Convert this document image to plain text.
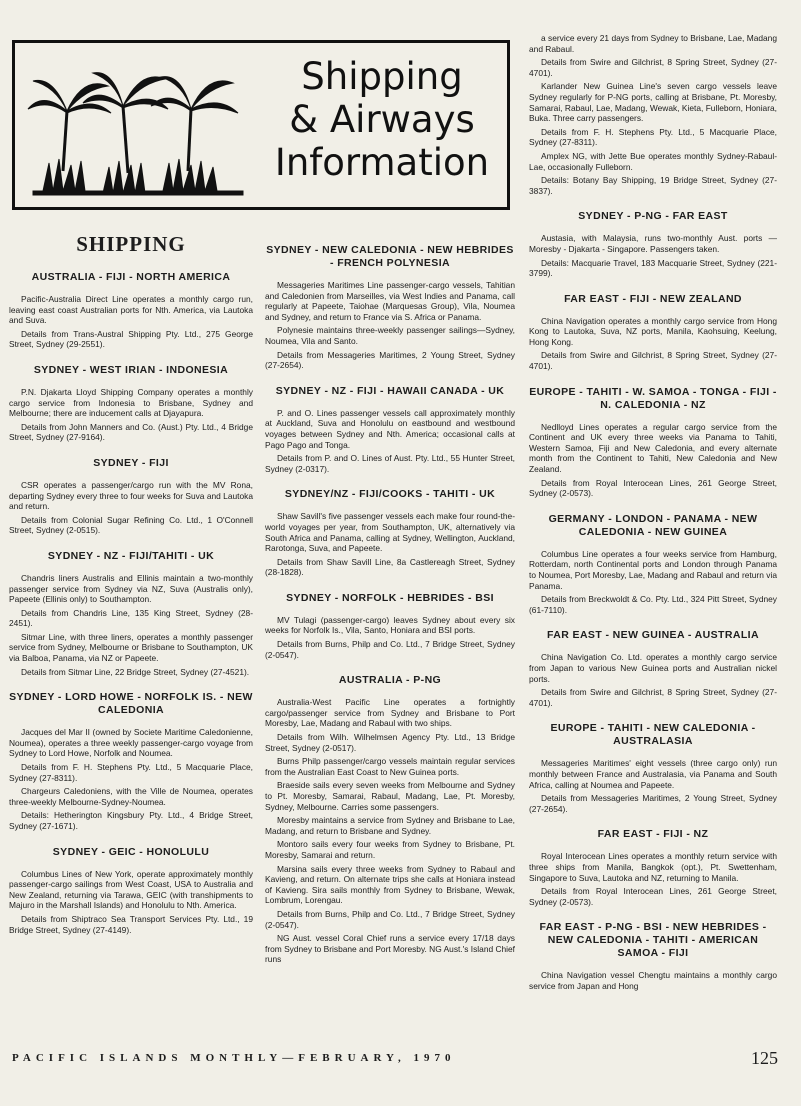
Shipping
& Airways
Information
SHIPPING
AUSTRALIA - FIJI - NORTH AMERICA
Pacific-Australia Direct Line operates a monthly cargo run, leaving east coast Australian ports for Nth. America, via Lautoka and Suva.
Details from Trans-Austral Shipping Pty. Ltd., 275 George Street, Sydney (29-2551).
SYDNEY - WEST IRIAN - INDONESIA
P.N. Djakarta Lloyd Shipping Company operates a monthly cargo service from Indonesia to Brisbane, Sydney and Melbourne; there are inducement calls at Djayapura.
Details from John Manners and Co. (Aust.) Pty. Ltd., 4 Bridge Street, Sydney (27-9164).
SYDNEY - FIJI
CSR operates a passenger/cargo run with the MV Rona, departing Sydney every three to four weeks for Suva and Lautoka and return.
Details from Colonial Sugar Refining Co. Ltd., 1 O'Connell Street, Sydney (2-0515).
SYDNEY - NZ - FIJI/TAHITI - UK
Chandris liners Australis and Ellinis maintain a two-monthly passenger service from Sydney via NZ, Suva (Australis only), Papeete (Ellinis only) to Southampton.
Details from Chandris Line, 135 King Street, Sydney (28-2451).
Sitmar Line, with three liners, operates a monthly passenger service from Sydney, Melbourne or Brisbane to Southampton, UK via Balboa, Panama, via NZ or Papeete.
Details from Sitmar Line, 22 Bridge Street, Sydney (27-4521).
SYDNEY - LORD HOWE - NORFOLK IS. - NEW CALEDONIA
Jacques del Mar II (owned by Societe Maritime Caledonienne, Noumea), operates a three weekly passenger-cargo voyage from Sydney to Lord Howe, Norfolk and Noumea.
Details from F. H. Stephens Pty. Ltd., 5 Macquarie Place, Sydney (27-8311).
Chargeurs Caledoniens, with the Ville de Noumea, operates three-weekly Melbourne-Sydney-Noumea.
Details: Hetherington Kingsbury Pty. Ltd., 4 Bridge Street, Sydney (27-1671).
SYDNEY - GEIC - HONOLULU
Columbus Lines of New York, operate approximately monthly passenger-cargo sailings from West Coast, USA to Australia and New Zealand, returning via Tarawa, GEIC (with transhipments to Majuro in the Marshall Islands) and Honolulu to Nth. America.
Details from Shiptraco Sea Transport Services Pty. Ltd., 19 Bridge Street, Sydney (27-4149).
SYDNEY - NEW CALEDONIA - NEW HEBRIDES - FRENCH POLYNESIA
Messageries Maritimes Line passenger-cargo vessels, Tahitian and Caledonien from Marseilles, via West Indies and Panama, call regularly at Papeete, Taiohae (Marquesas Group), Vila, Noumea and Sydney, and return to France via S. Africa or Panama.
Polynesie maintains three-weekly passenger sailings—Sydney, Noumea, Vila and Santo.
Details from Messageries Maritimes, 2 Young Street, Sydney (27-2654).
SYDNEY - NZ - FIJI - HAWAII CANADA - UK
P. and O. Lines passenger vessels call approximately monthly at Auckland, Suva and Honolulu on eastbound and westbound voyages between Sydney and Nth. America; occasional calls at Pago Pago and Tonga.
Details from P. and O. Lines of Aust. Pty. Ltd., 55 Hunter Street, Sydney (2-0317).
SYDNEY/NZ - FIJI/COOKS - TAHITI - UK
Shaw Savill's five passenger vessels each make four round-the-world voyages per year, from Southampton, UK, alternatively via South Africa and Panama, calling at Sydney, Wellington, Auckland, Rarotonga, Suva, and Papeete.
Details from Shaw Savill Line, 8a Castlereagh Street, Sydney (28-1828).
SYDNEY - NORFOLK - HEBRIDES - BSI
MV Tulagi (passenger-cargo) leaves Sydney about every six weeks for Norfolk Is., Vila, Santo, Honiara and BSI ports.
Details from Burns, Philp and Co. Ltd., 7 Bridge Street, Sydney (2-0547).
AUSTRALIA - P-NG
Australia-West Pacific Line operates a fortnightly cargo/passenger service from Sydney and Brisbane to Port Moresby, Lae, Madang and Rabaul with two ships.
Details from Wilh. Wilhelmsen Agency Pty. Ltd., 13 Bridge Street, Sydney (2-0517).
Burns Philp passenger/cargo vessels maintain regular services from the Australian East Coast to New Guinea ports.
Braeside sails every seven weeks from Melbourne and Sydney to Pt. Moresby, Samarai, Rabaul, Madang, Lae, Pt. Moresby, Sydney, Melbourne. Carries some passengers.
Moresby maintains a service from Sydney and Brisbane to Lae, Madang, and return to Brisbane and Sydney.
Montoro sails every four weeks from Sydney to Brisbane, Pt. Moresby, Samarai and return.
Marsina sails every three weeks from Sydney to Rabaul and Kavieng, and return. On alternate trips she calls at Honiara instead of Kavieng. Sira sails monthly from Sydney to Brisbane, Wewak, Lombrum, Lorengau.
Details from Burns, Philp and Co. Ltd., 7 Bridge Street, Sydney (2-0547).
NG Aust. vessel Coral Chief runs a service every 17/18 days from Sydney to Brisbane and Port Moresby. NG Aust.'s Island Chief runs
a service every 21 days from Sydney to Brisbane, Lae, Madang and Rabaul.
Details from Swire and Gilchrist, 8 Spring Street, Sydney (27-4701).
Karlander New Guinea Line's seven cargo vessels leave Sydney regularly for P-NG ports, calling at Brisbane, Pt. Moresby, Samarai, Rabaul, Lae, Madang, Wewak, Kieta, Fulleborn, Honiara, Buka. Three carry passengers.
Details from F. H. Stephens Pty. Ltd., 5 Macquarie Place, Sydney (27-8311).
Amplex NG, with Jette Bue operates monthly Sydney-Rabaul-Lae, occasionally Fulleborn.
Details: Botany Bay Shipping, 19 Bridge Street, Sydney (27-3837).
SYDNEY - P-NG - FAR EAST
Austasia, with Malaysia, runs two-monthly Aust. ports — Moresby - Djakarta - Singapore. Passengers taken.
Details: Macquarie Travel, 183 Macquarie Street, Sydney (221-3799).
FAR EAST - FIJI - NEW ZEALAND
China Navigation operates a monthly cargo service from Hong Kong to Lautoka, Suva, NZ ports, Manila, Kaohsuing, Keelung, Hong Kong.
Details from Swire and Gilchrist, 8 Spring Street, Sydney (27-4701).
EUROPE - TAHITI - W. SAMOA - TONGA - FIJI - N. CALEDONIA - NZ
Nedlloyd Lines operates a regular cargo service from the Continent and UK every three weeks via Panama to Tahiti, Western Samoa, Fiji and New Caledonia, and every alternate month from the Continent to Tahiti, New Caledonia and New Zealand.
Details from Royal Interocean Lines, 261 George Street, Sydney (2-0573).
GERMANY - LONDON - PANAMA - NEW CALEDONIA - NEW GUINEA
Columbus Line operates a four weeks service from Hamburg, Rotterdam, north Continental ports and London through Panama to Noumea, Port Moresby, Lae, Madang and Rabaul and return via Panama.
Details from Breckwoldt & Co. Pty. Ltd., 324 Pitt Street, Sydney (61-7110).
FAR EAST - NEW GUINEA - AUSTRALIA
China Navigation Co. Ltd. operates a monthly cargo service from Japan to various New Guinea ports and Australian nickel ports.
Details from Swire and Gilchrist, 8 Spring Street, Sydney (27-4701).
EUROPE - TAHITI - NEW CALEDONIA - AUSTRALASIA
Messageries Maritimes' eight vessels (three cargo only) run monthly between France and Australasia, via Panama and South Africa, calling at Noumea and Papeete.
Details from Messageries Maritimes, 2 Young Street, Sydney (27-2654).
FAR EAST - FIJI - NZ
Royal Interocean Lines operates a monthly return service with three ships from Manila, Bangkok (opt.), Pt. Swettenham, Singapore to Suva, Lautoka and NZ, returning to Manila.
Details from Royal Interocean Lines, 261 George Street, Sydney (2-0573).
FAR EAST - P-NG - BSI - NEW HEBRIDES - NEW CALEDONIA - TAHITI - AMERICAN SAMOA - FIJI
China Navigation vessel Chengtu maintains a monthly cargo service from Japan and Hong
PACIFIC ISLANDS MONTHLY—FEBRUARY, 1970	125
